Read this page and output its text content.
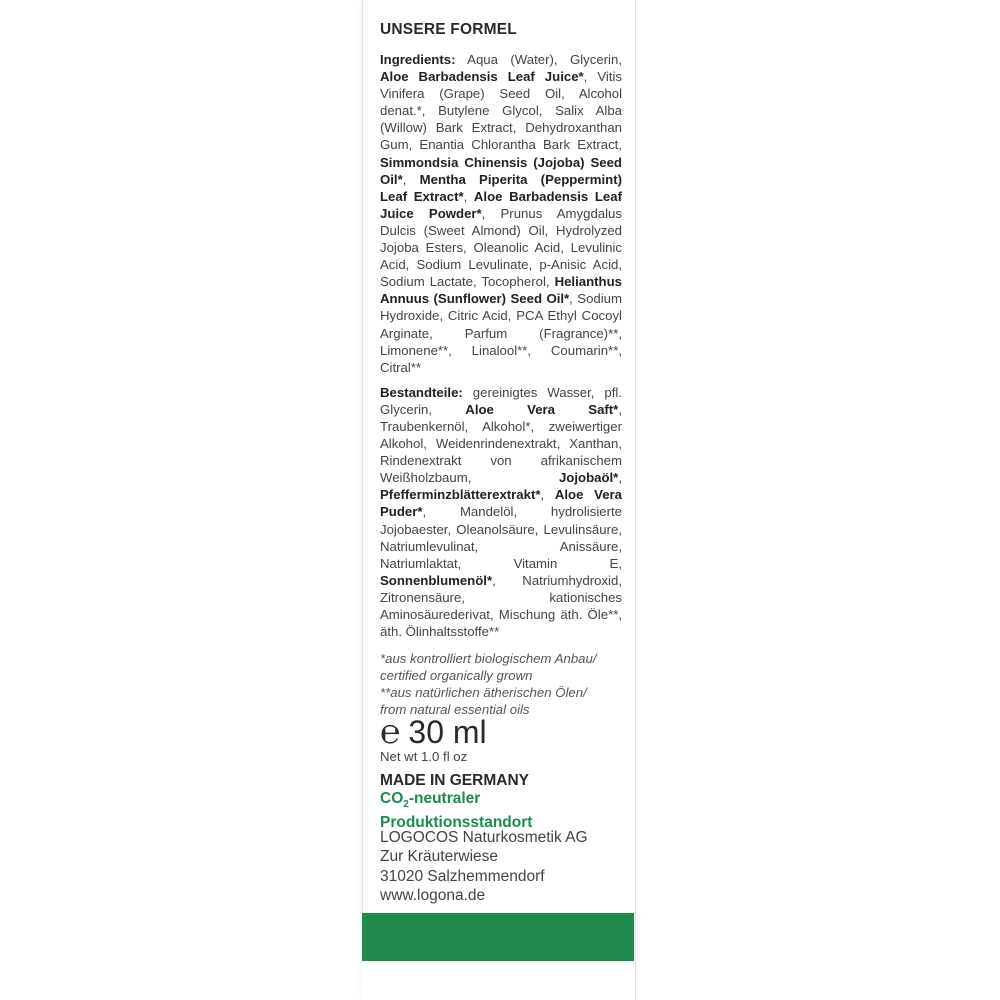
UNSERE FORMEL

Ingredients: Aqua (Water), Glycerin, Aloe Barbadensis Leaf Juice*, Vitis Vinifera (Grape) Seed Oil, Alcohol denat.*, Butylene Glycol, Salix Alba (Willow) Bark Extract, Dehydroxanthan Gum, Enantia Chlorantha Bark Extract, Simmondsia Chinensis (Jojoba) Seed Oil*, Mentha Piperita (Peppermint) Leaf Extract*, Aloe Barbadensis Leaf Juice Powder*, Prunus Amygdalus Dulcis (Sweet Almond) Oil, Hydrolyzed Jojoba Esters, Oleanolic Acid, Levulinic Acid, Sodium Levulinate, p-Anisic Acid, Sodium Lactate, Tocopherol, Helianthus Annuus (Sunflower) Seed Oil*, Sodium Hydroxide, Citric Acid, PCA Ethyl Cocoyl Arginate, Parfum (Fragrance)**, Limonene**, Linalool**, Coumarin**, Citral**

Bestandteile: gereinigtes Wasser, pfl. Glycerin, Aloe Vera Saft*, Traubenkernöl, Alkohol*, zweiwertiger Alkohol, Weidenrindenextrakt, Xanthan, Rindenextrakt von afrikanischem Weißholzbaum, Jojobaöl*, Pfefferminzblätterextrakt*, Aloe Vera Puder*, Mandelöl, hydrolisierte Jojobaester, Oleanolsäure, Levulinsäure, Natriumlevulinat, Anissäure, Natriumlaktat, Vitamin E, Sonnenblumenöl*, Natriumhydroxid, Zitronensäure, kationisches Aminosäurederivat, Mischung äth. Öle**, äth. Ölinhaltsstoffe**

*aus kontrolliert biologischem Anbau/
certified organically grown
**aus natürlichen ätherischen Ölen/
from natural essential oils
℮ 30 ml
Net wt 1.0 fl oz
MADE IN GERMANY
$CO_2$-neutraler
Produktionsstandort
LOGOCOS Naturkosmetik AG
Zur Kräuterwiese
31020 Salzhemmendorf
www.logona.de
